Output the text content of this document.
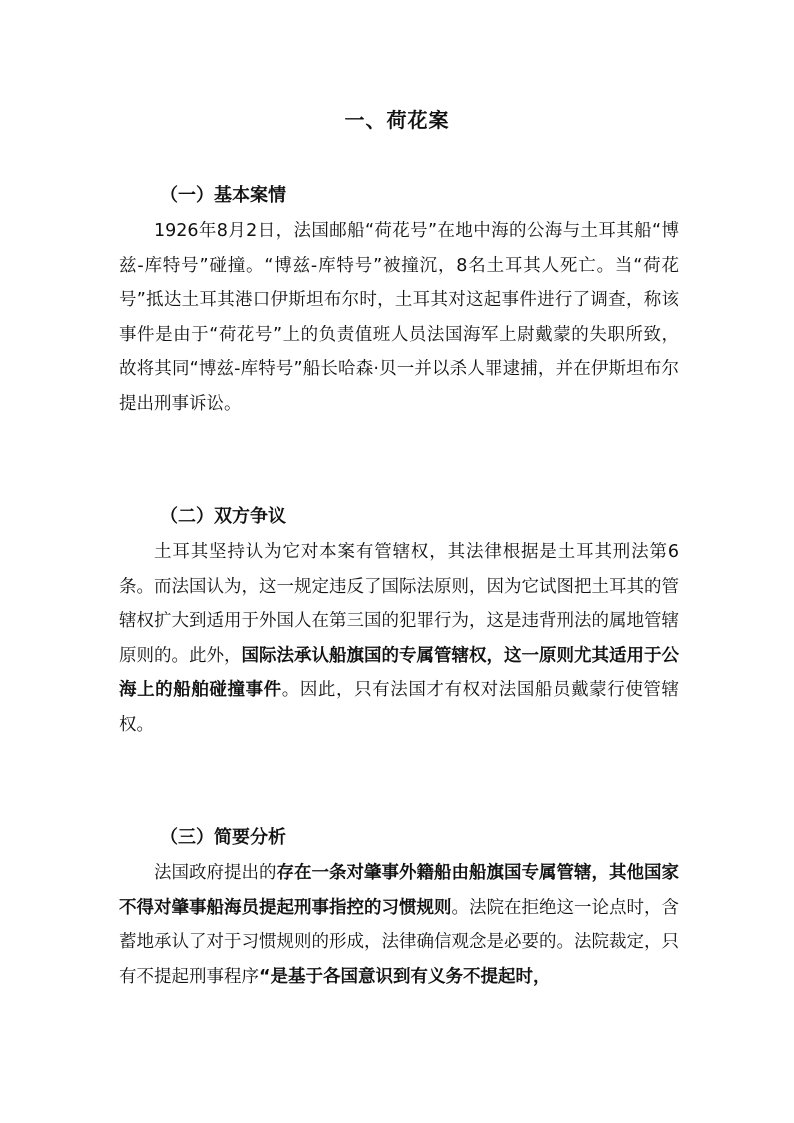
一、荷花案
（一）基本案情
1926年8月2日，法国邮船“荷花号”在地中海的公海与土耳其船“博兹-库特号”碰撞。“博兹-库特号”被撞沉，8名土耳其人死亡。当“荷花号”抵达土耳其港口伊斯坦布尔时，土耳其对这起事件进行了调查，称该事件是由于“荷花号”上的负责值班人员法国海军上尉戴蒙的失职所致，故将其同“博兹-库特号”船长哈森·贝一并以杀人罪逮捕，并在伊斯坦布尔提出刑事诉讼。
（二）双方争议
土耳其坚持认为它对本案有管辖权，其法律根据是土耳其刑法第6条。而法国认为，这一规定违反了国际法原则，因为它试图把土耳其的管辖权扩大到适用于外国人在第三国的犯罪行为，这是违背刑法的属地管辖原则的。此外，国际法承认船旗国的专属管辖权，这一原则尤其适用于公海上的船舶碰撞事件。因此，只有法国才有权对法国船员戴蒙行使管辖权。
（三）简要分析
法国政府提出的存在一条对肇事外籍船由船旗国专属管辖，其他国家不得对肇事船海员提起刑事指控的习惯规则。法院在拒绝这一论点时，含蓄地承认了对于习惯规则的形成，法律确信观念是必要的。法院裁定，只有不提起刑事程序“是基于各国意识到有义务不提起时，
